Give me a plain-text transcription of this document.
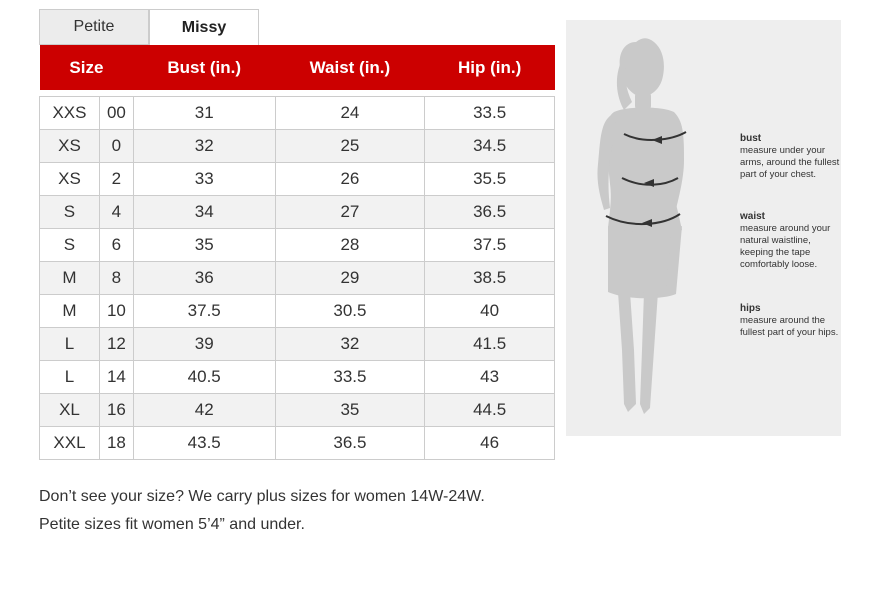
Petite	Missy
Size		Bust (in.)	Waist (in.)	Hip (in.)

XXS	00	31	24	33.5
XS	0	32	25	34.5
XS	2	33	26	35.5
S	4	34	27	36.5
S	6	35	28	37.5
M	8	36	29	38.5
M	10	37.5	30.5	40
L	12	39	32	41.5
L	14	40.5	33.5	43
XL	16	42	35	44.5
XXL	18	43.5	36.5	46
Don’t see your size? We carry plus sizes for women 14W-24W.
Petite sizes fit women 5’4” and under.
bust
measure under your arms, around the fullest part of your chest.
waist
measure around your natural waistline, keeping the tape comfortably loose.
hips
measure around the fullest part of your hips.
